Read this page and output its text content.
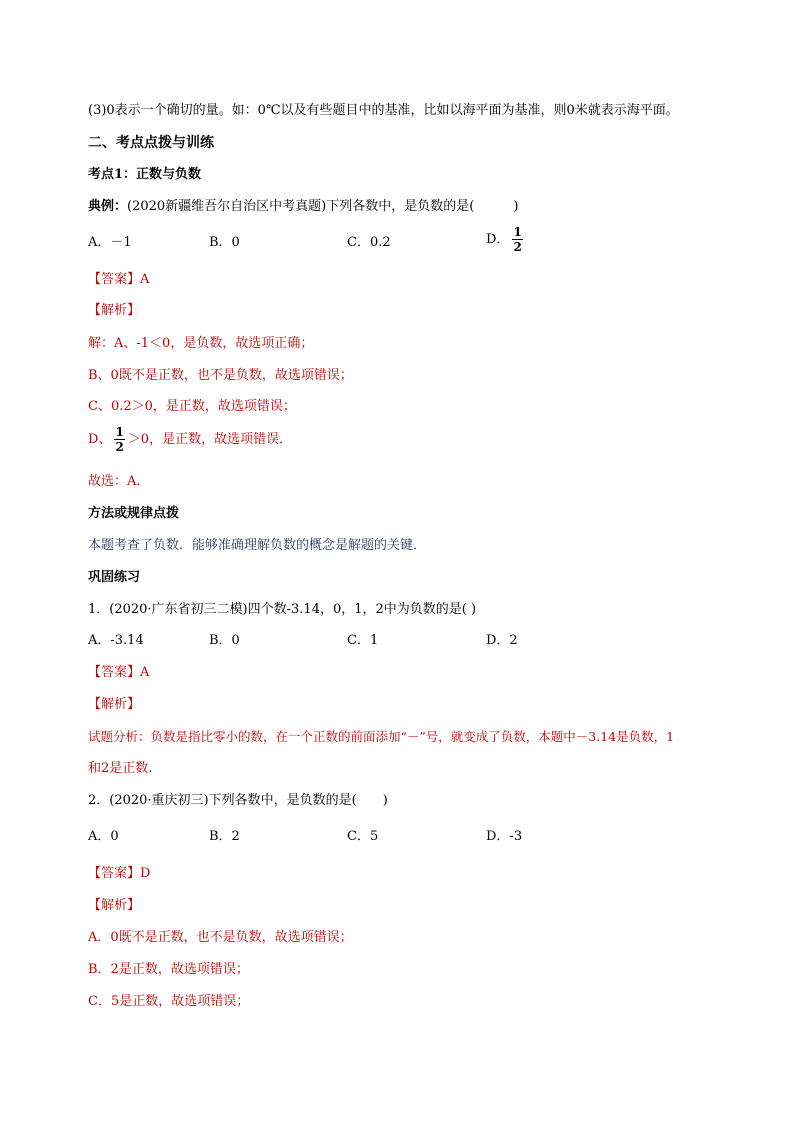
(3)0表示一个确切的量。如：0℃以及有些题目中的基准，比如以海平面为基准，则0米就表示海平面。
二、考点点拨与训练
考点1：正数与负数
典例：(2020新疆维吾尔自治区中考真题)下列各数中，是负数的是(　　　)
A．－1	B．0	C．0.2	D． $\frac{1}{2}$
【答案】A
【解析】
解：A、-1＜0，是负数，故选项正确；
B、0既不是正数，也不是负数，故选项错误；
C、0.2＞0，是正数，故选项错误；
D、 $\frac{1}{2} >0$，是正数，故选项错误．
故选：A．
方法或规律点拨
本题考查了负数．能够准确理解负数的概念是解题的关键．
巩固练习
1．(2020·广东省初三二模)四个数-3.14，0，1，2中为负数的是( )
A．-3.14	B．0	C．1	D．2
【答案】A
【解析】
试题分析：负数是指比零小的数，在一个正数的前面添加“－”号，就变成了负数，本题中－3.14是负数，1
和2是正数.
2．(2020·重庆初三)下列各数中，是负数的是(　　)
A．0	B．2	C．5	D．-3
【答案】D
【解析】
A．0既不是正数，也不是负数，故选项错误；
B．2是正数，故选项错误；
C．5是正数，故选项错误；
